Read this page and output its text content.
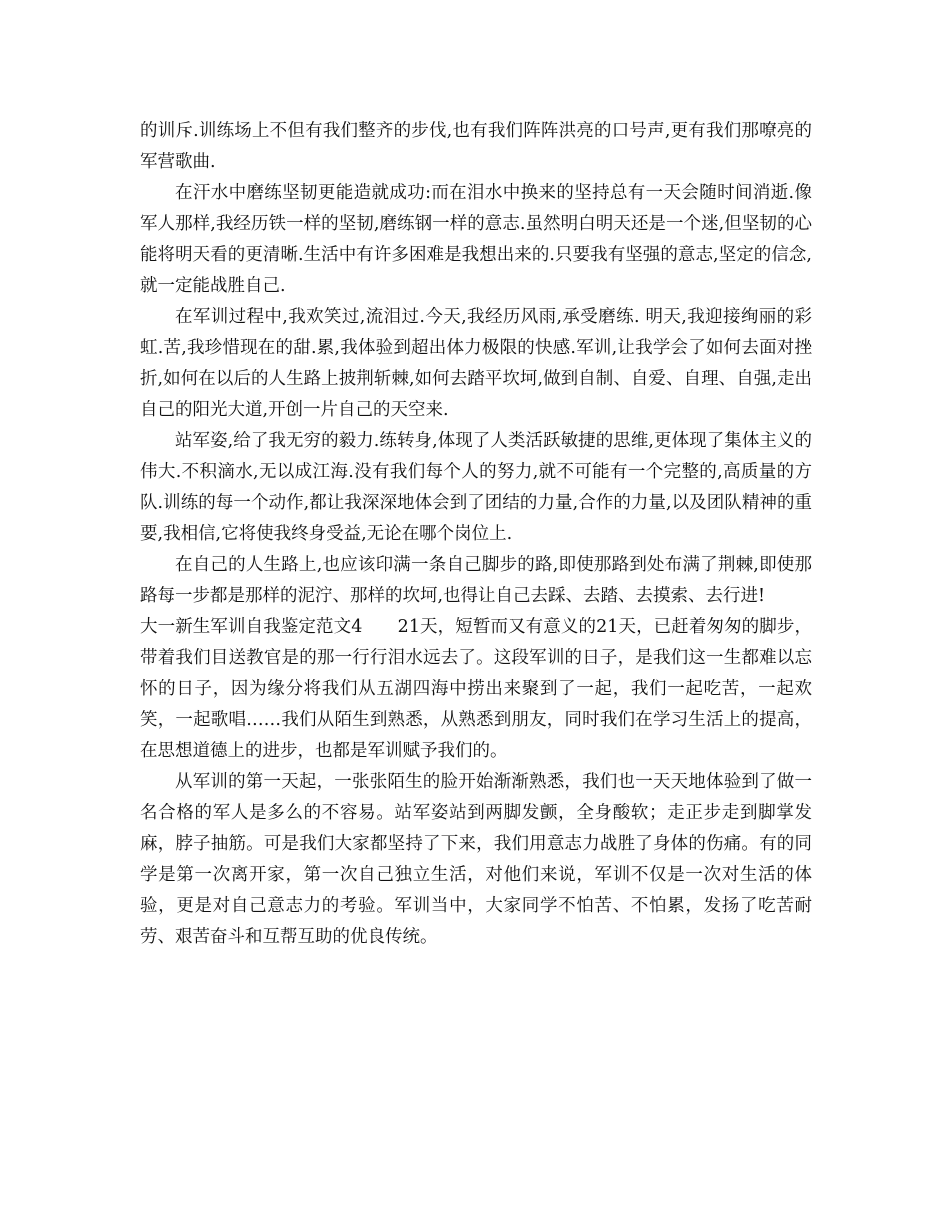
的训斥.训练场上不但有我们整齐的步伐,也有我们阵阵洪亮的口号声,更有我们那嘹亮的军营歌曲.

在汗水中磨练坚韧更能造就成功:而在泪水中换来的坚持总有一天会随时间消逝.像军人那样,我经历铁一样的坚韧,磨练钢一样的意志.虽然明白明天还是一个迷,但坚韧的心能将明天看的更清晰.生活中有许多困难是我想出来的.只要我有坚强的意志,坚定的信念,就一定能战胜自己.

在军训过程中,我欢笑过,流泪过.今天,我经历风雨,承受磨练. 明天,我迎接绚丽的彩虹.苦,我珍惜现在的甜.累,我体验到超出体力极限的快感.军训,让我学会了如何去面对挫折,如何在以后的人生路上披荆斩棘,如何去踏平坎坷,做到自制、自爱、自理、自强,走出自己的阳光大道,开创一片自己的天空来.

站军姿,给了我无穷的毅力.练转身,体现了人类活跃敏捷的思维,更体现了集体主义的伟大.不积滴水,无以成江海.没有我们每个人的努力,就不可能有一个完整的,高质量的方队.训练的每一个动作,都让我深深地体会到了团结的力量,合作的力量,以及团队精神的重要,我相信,它将使我终身受益,无论在哪个岗位上.

在自己的人生路上,也应该印满一条自己脚步的路,即使那路到处布满了荆棘,即使那路每一步都是那样的泥泞、那样的坎坷,也得让自己去踩、去踏、去摸索、去行进!

大一新生军训自我鉴定范文4　　21天，短暂而又有意义的21天，已赶着匆匆的脚步，带着我们目送教官是的那一行行泪水远去了。这段军训的日子，是我们这一生都难以忘怀的日子，因为缘分将我们从五湖四海中捞出来聚到了一起，我们一起吃苦，一起欢笑，一起歌唱……我们从陌生到熟悉，从熟悉到朋友，同时我们在学习生活上的提高，在思想道德上的进步，也都是军训赋予我们的。

从军训的第一天起，一张张陌生的脸开始渐渐熟悉，我们也一天天地体验到了做一名合格的军人是多么的不容易。站军姿站到两脚发颤，全身酸软；走正步走到脚掌发麻，脖子抽筋。可是我们大家都坚持了下来，我们用意志力战胜了身体的伤痛。有的同学是第一次离开家，第一次自己独立生活，对他们来说，军训不仅是一次对生活的体验，更是对自己意志力的考验。军训当中，大家同学不怕苦、不怕累，发扬了吃苦耐劳、艰苦奋斗和互帮互助的优良传统。
